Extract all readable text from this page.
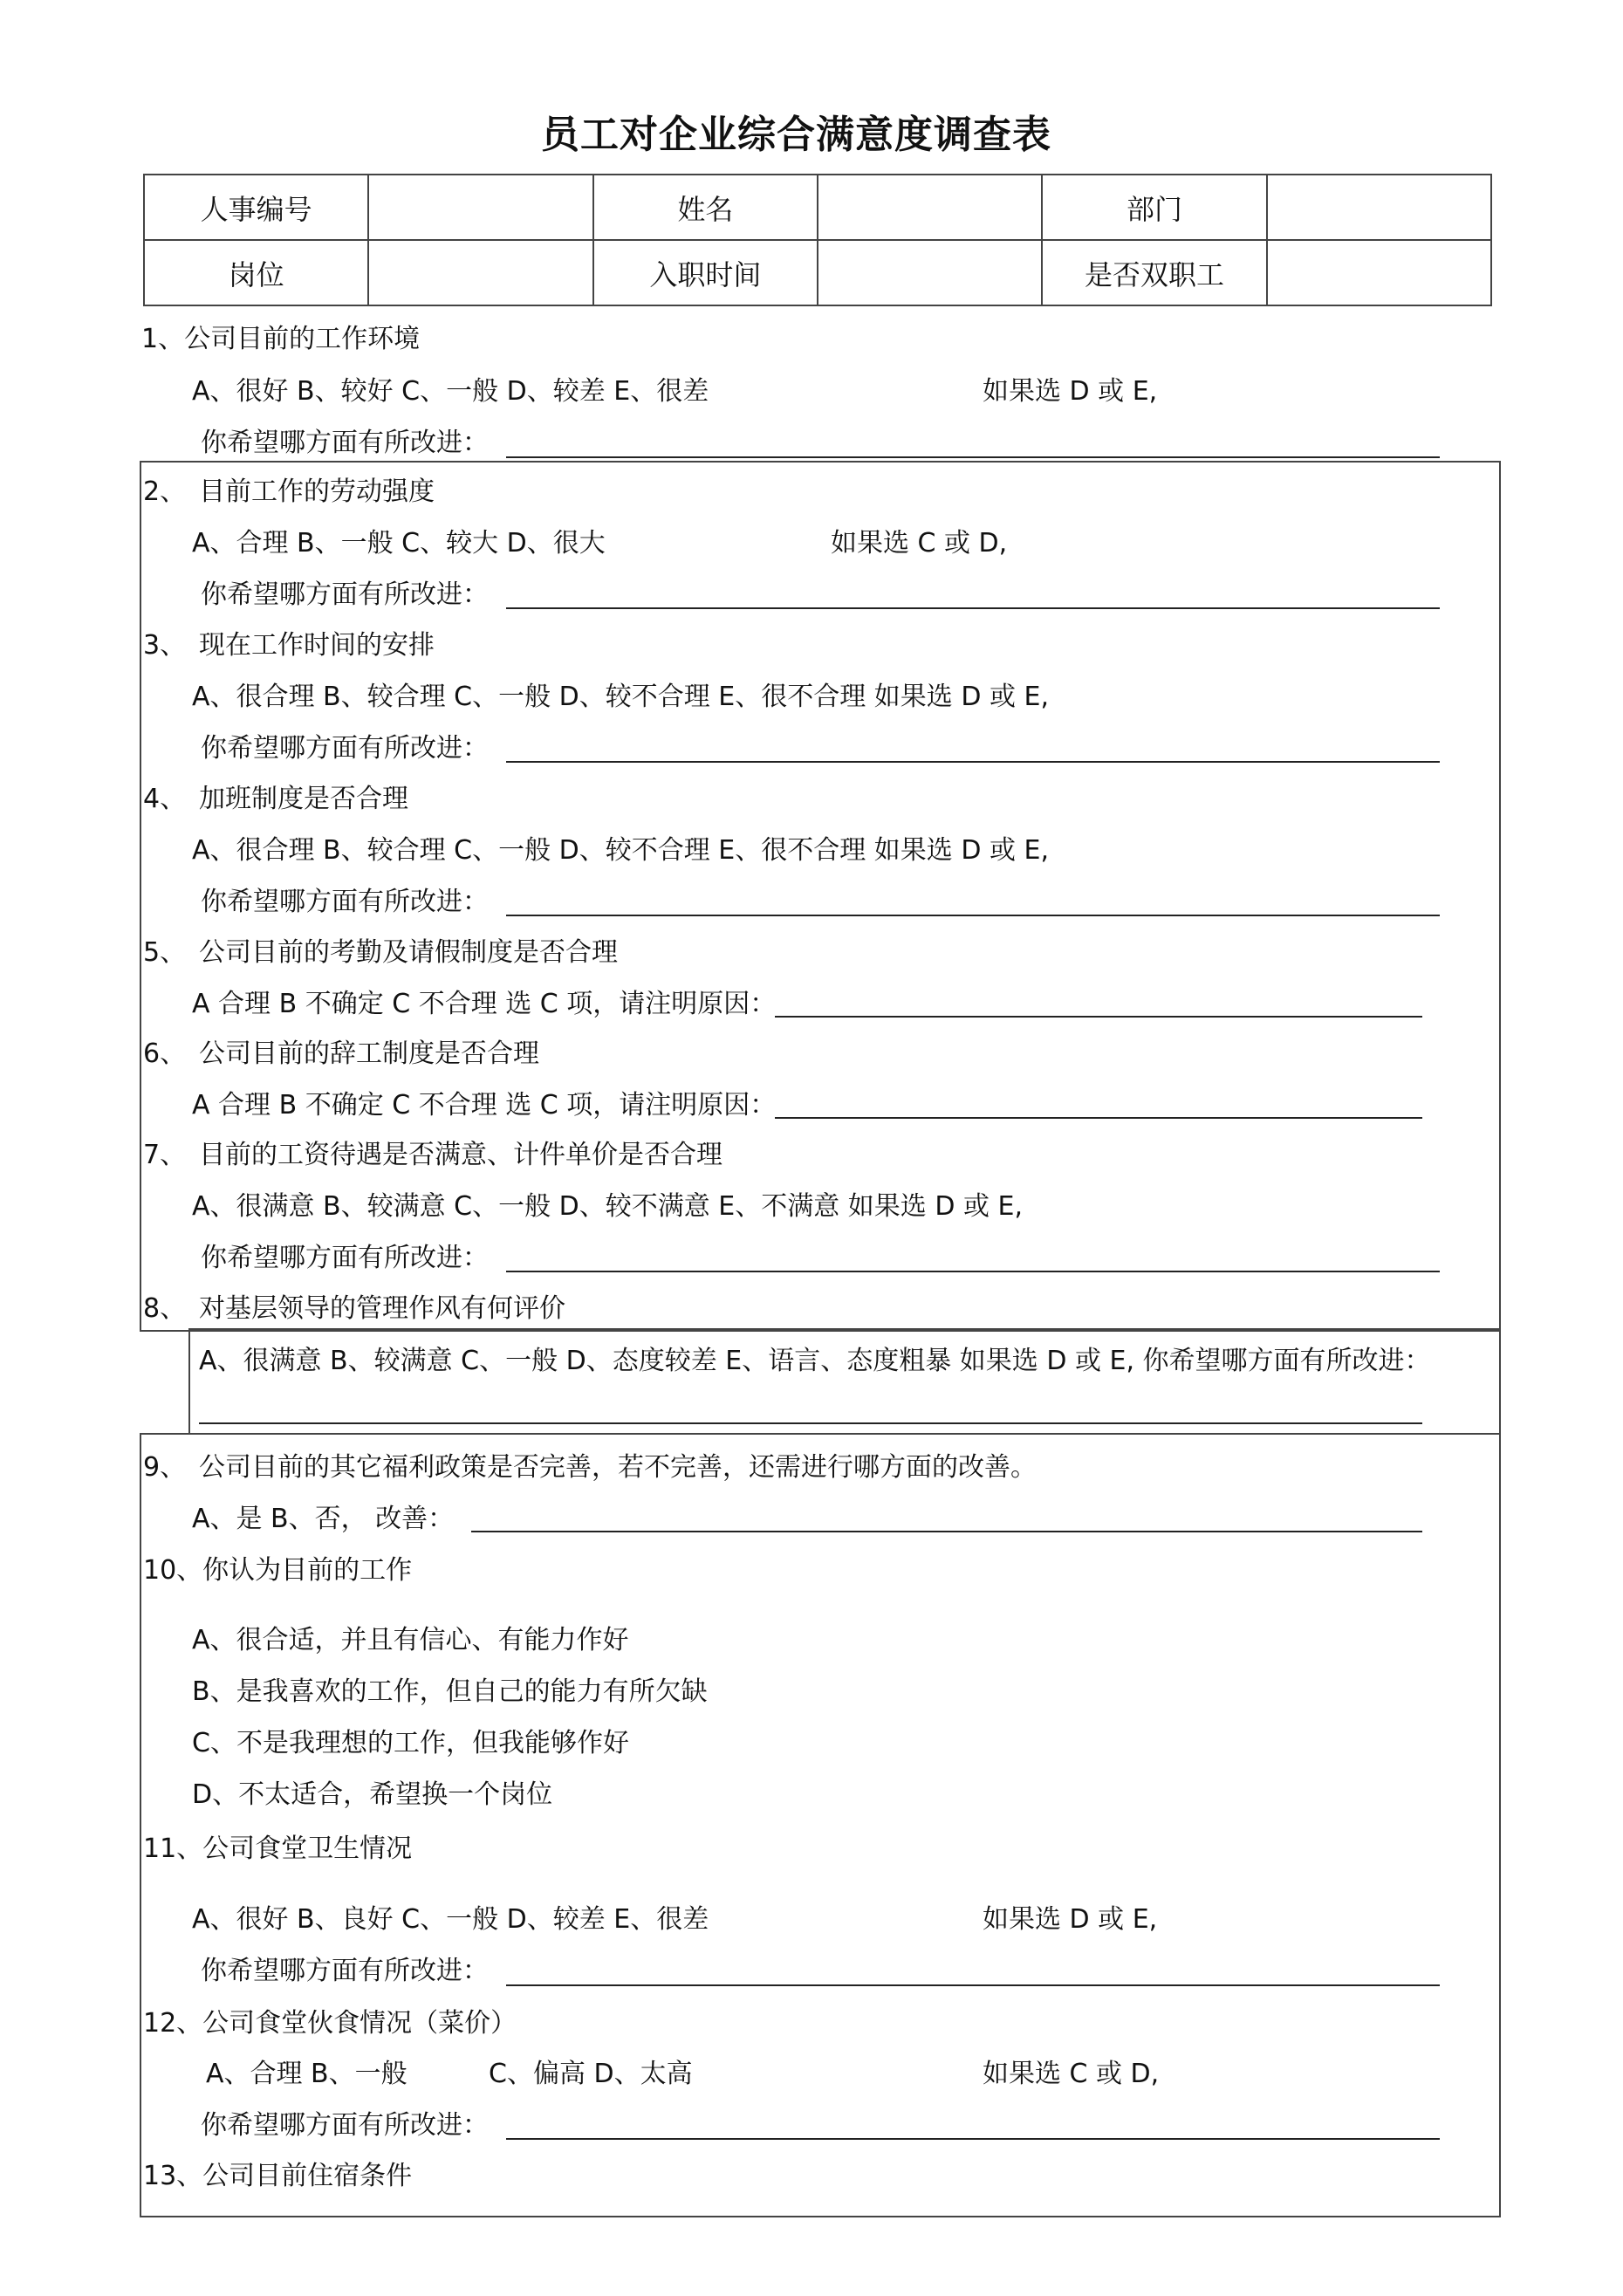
员工对企业综合满意度调查表
人事编号		姓名		部门	
岗位		入职时间		是否双职工	
1、公司目前的工作环境
A、很好 B、较好 C、一般 D、较差 E、很差	如果选 D 或 E,
你希望哪方面有所改进：
2、 目前工作的劳动强度
A、合理 B、一般 C、较大 D、很大	如果选 C 或 D,
你希望哪方面有所改进：
3、 现在工作时间的安排
A、很合理 B、较合理 C、一般 D、较不合理 E、很不合理 如果选 D 或 E,
你希望哪方面有所改进：
4、 加班制度是否合理
A、很合理 B、较合理 C、一般 D、较不合理 E、很不合理 如果选 D 或 E,
你希望哪方面有所改进：
5、 公司目前的考勤及请假制度是否合理
A 合理 B 不确定 C 不合理 选 C 项，请注明原因：
6、 公司目前的辞工制度是否合理
A 合理 B 不确定 C 不合理 选 C 项，请注明原因：
7、 目前的工资待遇是否满意、计件单价是否合理
A、很满意 B、较满意 C、一般 D、较不满意 E、不满意 如果选 D 或 E,
你希望哪方面有所改进：
8、 对基层领导的管理作风有何评价
A、很满意 B、较满意 C、一般 D、态度较差 E、语言、态度粗暴 如果选 D 或 E, 你希望哪方面有所改进：
9、 公司目前的其它福利政策是否完善，若不完善，还需进行哪方面的改善。
A、是 B、否， 改善：
10、你认为目前的工作
A、很合适，并且有信心、有能力作好
B、是我喜欢的工作，但自己的能力有所欠缺
C、不是我理想的工作，但我能够作好
D、不太适合，希望换一个岗位
11、公司食堂卫生情况
A、很好 B、良好 C、一般 D、较差 E、很差	如果选 D 或 E,
你希望哪方面有所改进：
12、公司食堂伙食情况（菜价）
A、合理 B、一般	C、偏高 D、太高	如果选 C 或 D,
你希望哪方面有所改进：
13、公司目前住宿条件
